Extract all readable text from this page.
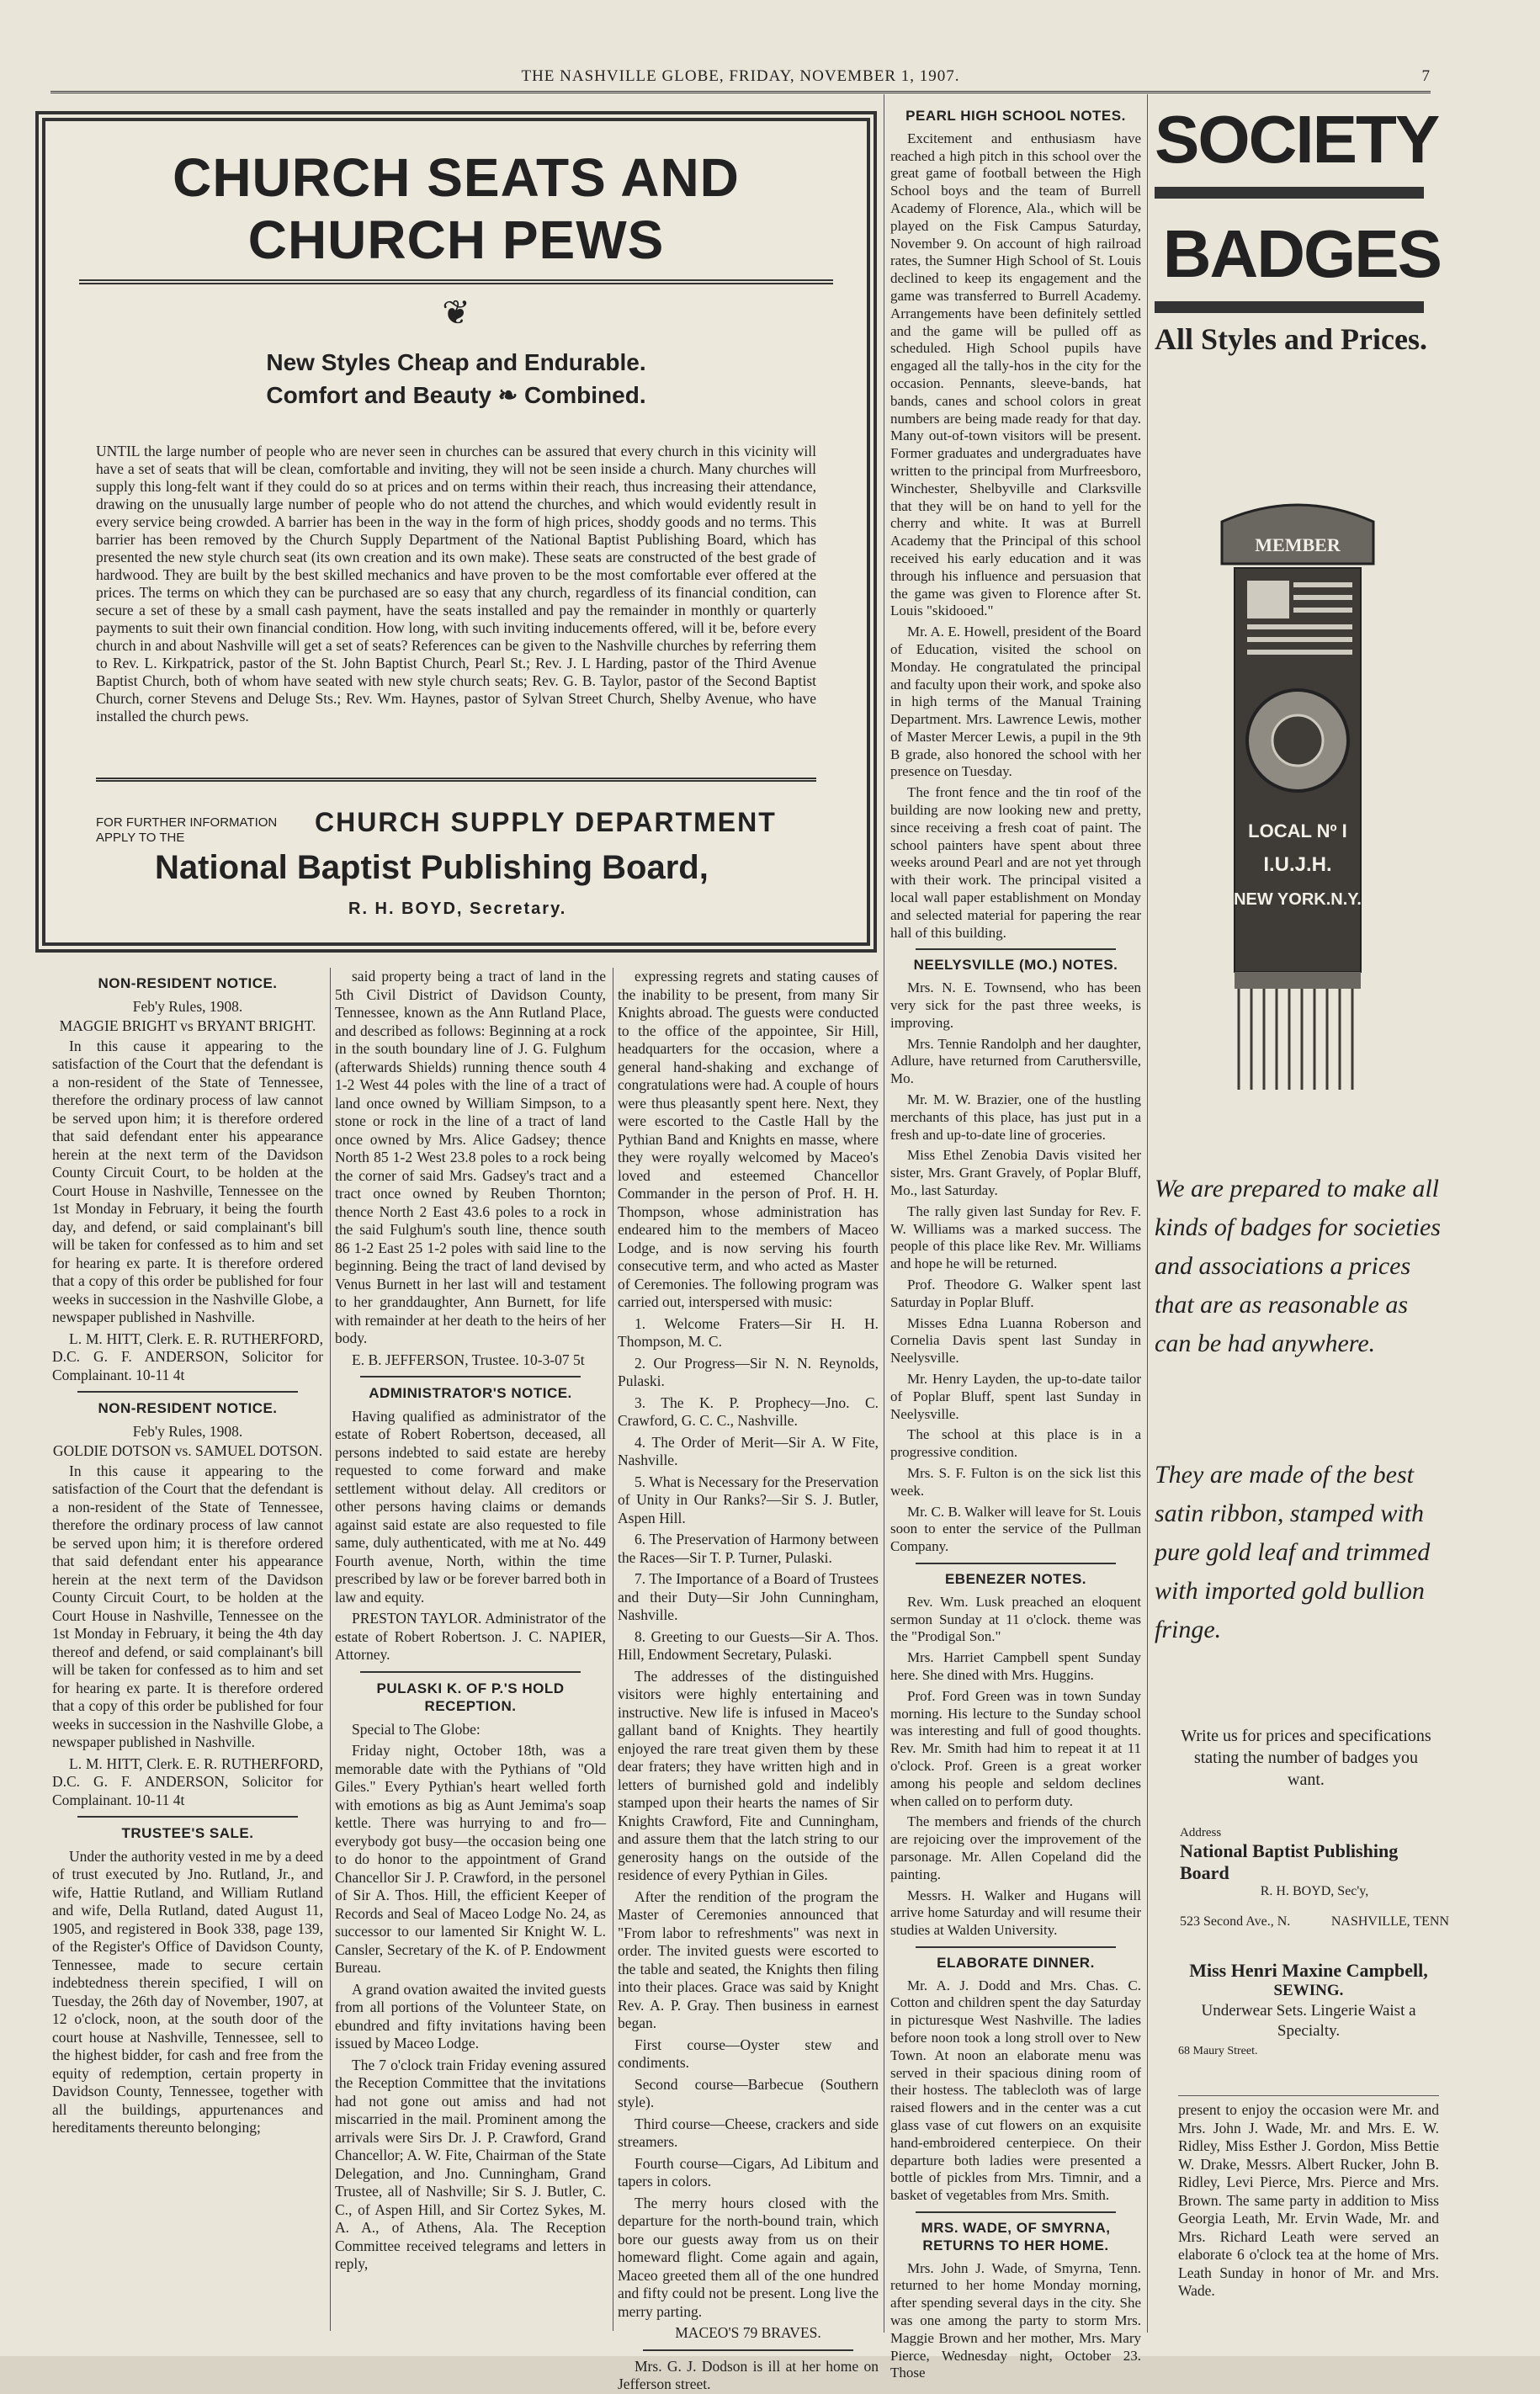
THE NASHVILLE GLOBE, FRIDAY, NOVEMBER 1, 1907.	7
CHURCH SEATS AND CHURCH PEWS
❦
New Styles Cheap and Endurable.
Comfort and Beauty ❧ Combined.
UNTIL the large number of people who are never seen in churches can be assured that every church in this vicinity will have a set of seats that will be clean, comfortable and inviting, they will not be seen inside a church. Many churches will supply this long-felt want if they could do so at prices and on terms within their reach, thus increasing their attendance, drawing on the unusually large number of people who do not attend the churches, and which would evidently result in every service being crowded. A barrier has been in the way in the form of high prices, shoddy goods and no terms. This barrier has been removed by the Church Supply Department of the National Baptist Publishing Board, which has presented the new style church seat (its own creation and its own make). These seats are constructed of the best grade of hardwood. They are built by the best skilled mechanics and have proven to be the most comfortable ever offered at the prices. The terms on which they can be purchased are so easy that any church, regardless of its financial condition, can secure a set of these by a small cash payment, have the seats installed and pay the remainder in monthly or quarterly payments to suit their own financial condition. How long, with such inviting inducements offered, will it be, before every church in and about Nashville will get a set of seats? References can be given to the Nashville churches by referring them to Rev. L. Kirkpatrick, pastor of the St. John Baptist Church, Pearl St.; Rev. J. L Harding, pastor of the Third Avenue Baptist Church, both of whom have seated with new style church seats; Rev. G. B. Taylor, pastor of the Second Baptist Church, corner Stevens and Deluge Sts.; Rev. Wm. Haynes, pastor of Sylvan Street Church, Shelby Avenue, who have installed the church pews.
FOR FURTHER INFORMATION APPLY TO THE
CHURCH SUPPLY DEPARTMENT
National Baptist Publishing Board,
R. H. BOYD, Secretary.
NON-RESIDENT NOTICE.

Feb'y Rules, 1908.

MAGGIE BRIGHT vs BRYANT BRIGHT.

In this cause it appearing to the satisfaction of the Court that the defendant is a non-resident of the State of Tennessee, therefore the ordinary process of law cannot be served upon him; it is therefore ordered that said defendant enter his appearance herein at the next term of the Davidson County Circuit Court, to be holden at the Court House in Nashville, Tennessee on the 1st Monday in February, it being the fourth day, and defend, or said complainant's bill will be taken for confessed as to him and set for hearing ex parte. It is therefore ordered that a copy of this order be published for four weeks in succession in the Nashville Globe, a newspaper published in Nashville.

L. M. HITT, Clerk. E. R. RUTHERFORD, D.C. G. F. ANDERSON, Solicitor for Complainant. 10-11 4t

NON-RESIDENT NOTICE.

Feb'y Rules, 1908.

GOLDIE DOTSON vs. SAMUEL DOTSON.

In this cause it appearing to the satisfaction of the Court that the defendant is a non-resident of the State of Tennessee, therefore the ordinary process of law cannot be served upon him; it is therefore ordered that said defendant enter his appearance herein at the next term of the Davidson County Circuit Court, to be holden at the Court House in Nashville, Tennessee on the 1st Monday in February, it being the 4th day thereof and defend, or said complainant's bill will be taken for confessed as to him and set for hearing ex parte. It is therefore ordered that a copy of this order be published for four weeks in succession in the Nashville Globe, a newspaper published in Nashville.

L. M. HITT, Clerk. E. R. RUTHERFORD, D.C. G. F. ANDERSON, Solicitor for Complainant. 10-11 4t

TRUSTEE'S SALE.

Under the authority vested in me by a deed of trust executed by Jno. Rutland, Jr., and wife, Hattie Rutland, and William Rutland and wife, Della Rutland, dated August 11, 1905, and registered in Book 338, page 139, of the Register's Office of Davidson County, Tennessee, made to secure certain indebtedness therein specified, I will on Tuesday, the 26th day of November, 1907, at 12 o'clock, noon, at the south door of the court house at Nashville, Tennessee, sell to the highest bidder, for cash and free from the equity of redemption, certain property in Davidson County, Tennessee, together with all the buildings, appurtenances and hereditaments thereunto belonging;

said property being a tract of land in the 5th Civil District of Davidson County, Tennessee, known as the Ann Rutland Place, and described as follows: Beginning at a rock in the south boundary line of J. G. Fulghum (afterwards Shields) running thence south 4 1-2 West 44 poles with the line of a tract of land once owned by William Simpson, to a stone or rock in the line of a tract of land once owned by Mrs. Alice Gadsey; thence North 85 1-2 West 23.8 poles to a rock being the corner of said Mrs. Gadsey's tract and a tract once owned by Reuben Thornton; thence North 2 East 43.6 poles to a rock in the said Fulghum's south line, thence south 86 1-2 East 25 1-2 poles with said line to the beginning. Being the tract of land devised by Venus Burnett in her last will and testament to her granddaughter, Ann Burnett, for life with remainder at her death to the heirs of her body.

E. B. JEFFERSON, Trustee. 10-3-07 5t

ADMINISTRATOR'S NOTICE.

Having qualified as administrator of the estate of Robert Robertson, deceased, all persons indebted to said estate are hereby requested to come forward and make settlement without delay. All creditors or other persons having claims or demands against said estate are also requested to file same, duly authenticated, with me at No. 449 Fourth avenue, North, within the time prescribed by law or be forever barred both in law and equity.

PRESTON TAYLOR. Administrator of the estate of Robert Robertson. J. C. NAPIER, Attorney.

PULASKI K. OF P.'S HOLD RECEPTION.

Special to The Globe:

Friday night, October 18th, was a memorable date with the Pythians of "Old Giles." Every Pythian's heart welled forth with emotions as big as Aunt Jemima's soap kettle. There was hurrying to and fro—everybody got busy—the occasion being one to do honor to the appointment of Grand Chancellor Sir J. P. Crawford, in the personel of Sir A. Thos. Hill, the efficient Keeper of Records and Seal of Maceo Lodge No. 24, as successor to our lamented Sir Knight W. L. Cansler, Secretary of the K. of P. Endowment Bureau.

A grand ovation awaited the invited guests from all portions of the Volunteer State, on ebundred and fifty invitations having been issued by Maceo Lodge.

The 7 o'clock train Friday evening assured the Reception Committee that the invitations had not gone out amiss and had not miscarried in the mail. Prominent among the arrivals were Sirs Dr. J. P. Crawford, Grand Chancellor; A. W. Fite, Chairman of the State Delegation, and Jno. Cunningham, Grand Trustee, all of Nashville; Sir S. J. Butler, C. C., of Aspen Hill, and Sir Cortez Sykes, M. A. A., of Athens, Ala. The Reception Committee received telegrams and letters in reply,

expressing regrets and stating causes of the inability to be present, from many Sir Knights abroad. The guests were conducted to the office of the appointee, Sir Hill, headquarters for the occasion, where a general hand-shaking and exchange of congratulations were had. A couple of hours were thus pleasantly spent here. Next, they were escorted to the Castle Hall by the Pythian Band and Knights en masse, where they were royally welcomed by Maceo's loved and esteemed Chancellor Commander in the person of Prof. H. H. Thompson, whose administration has endeared him to the members of Maceo Lodge, and is now serving his fourth consecutive term, and who acted as Master of Ceremonies. The following program was carried out, interspersed with music:

1. Welcome Fraters—Sir H. H. Thompson, M. C.

2. Our Progress—Sir N. N. Reynolds, Pulaski.

3. The K. P. Prophecy—Jno. C. Crawford, G. C. C., Nashville.

4. The Order of Merit—Sir A. W Fite, Nashville.

5. What is Necessary for the Preservation of Unity in Our Ranks?—Sir S. J. Butler, Aspen Hill.

6. The Preservation of Harmony between the Races—Sir T. P. Turner, Pulaski.

7. The Importance of a Board of Trustees and their Duty—Sir John Cunningham, Nashville.

8. Greeting to our Guests—Sir A. Thos. Hill, Endowment Secretary, Pulaski.

The addresses of the distinguished visitors were highly entertaining and instructive. New life is infused in Maceo's gallant band of Knights. They heartily enjoyed the rare treat given them by these dear fraters; they have written high and in letters of burnished gold and indelibly stamped upon their hearts the names of Sir Knights Crawford, Fite and Cunningham, and assure them that the latch string to our generosity hangs on the outside of the residence of every Pythian in Giles.

After the rendition of the program the Master of Ceremonies announced that "From labor to refreshments" was next in order. The invited guests were escorted to the table and seated, the Knights then filing into their places. Grace was said by Knight Rev. A. P. Gray. Then business in earnest began.

First course—Oyster stew and condiments.

Second course—Barbecue (Southern style).

Third course—Cheese, crackers and side streamers.

Fourth course—Cigars, Ad Libitum and tapers in colors.

The merry hours closed with the departure for the north-bound train, which bore our guests away from us on their homeward flight. Come again and again, Maceo greeted them all of the one hundred and fifty could not be present. Long live the merry parting.

MACEO'S 79 BRAVES.

Mrs. G. J. Dodson is ill at her home on Jefferson street.

PEARL HIGH SCHOOL NOTES.

Excitement and enthusiasm have reached a high pitch in this school over the great game of football between the High School boys and the team of Burrell Academy of Florence, Ala., which will be played on the Fisk Campus Saturday, November 9. On account of high railroad rates, the Sumner High School of St. Louis declined to keep its engagement and the game was transferred to Burrell Academy. Arrangements have been definitely settled and the game will be pulled off as scheduled. High School pupils have engaged all the tally-hos in the city for the occasion. Pennants, sleeve-bands, hat bands, canes and school colors in great numbers are being made ready for that day. Many out-of-town visitors will be present. Former graduates and undergraduates have written to the principal from Murfreesboro, Winchester, Shelbyville and Clarksville that they will be on hand to yell for the cherry and white. It was at Burrell Academy that the Principal of this school received his early education and it was through his influence and persuasion that the game was given to Florence after St. Louis "skidooed."

Mr. A. E. Howell, president of the Board of Education, visited the school on Monday. He congratulated the principal and faculty upon their work, and spoke also in high terms of the Manual Training Department. Mrs. Lawrence Lewis, mother of Master Mercer Lewis, a pupil in the 9th B grade, also honored the school with her presence on Tuesday.

The front fence and the tin roof of the building are now looking new and pretty, since receiving a fresh coat of paint. The school painters have spent about three weeks around Pearl and are not yet through with their work. The principal visited a local wall paper establishment on Monday and selected material for papering the rear hall of this building.

NEELYSVILLE (MO.) NOTES.

Mrs. N. E. Townsend, who has been very sick for the past three weeks, is improving.

Mrs. Tennie Randolph and her daughter, Adlure, have returned from Caruthersville, Mo.

Mr. M. W. Brazier, one of the hustling merchants of this place, has just put in a fresh and up-to-date line of groceries.

Miss Ethel Zenobia Davis visited her sister, Mrs. Grant Gravely, of Poplar Bluff, Mo., last Saturday.

The rally given last Sunday for Rev. F. W. Williams was a marked success. The people of this place like Rev. Mr. Williams and hope he will be returned.

Prof. Theodore G. Walker spent last Saturday in Poplar Bluff.

Misses Edna Luanna Roberson and Cornelia Davis spent last Sunday in Neelysville.

Mr. Henry Layden, the up-to-date tailor of Poplar Bluff, spent last Sunday in Neelysville.

The school at this place is in a progressive condition.

Mrs. S. F. Fulton is on the sick list this week.

Mr. C. B. Walker will leave for St. Louis soon to enter the service of the Pullman Company.

EBENEZER NOTES.

Rev. Wm. Lusk preached an eloquent sermon Sunday at 11 o'clock. theme was the "Prodigal Son."

Mrs. Harriet Campbell spent Sunday here. She dined with Mrs. Huggins.

Prof. Ford Green was in town Sunday morning. His lecture to the Sunday school was interesting and full of good thoughts. Rev. Mr. Smith had him to repeat it at 11 o'clock. Prof. Green is a great worker among his people and seldom declines when called on to perform duty.

The members and friends of the church are rejoicing over the improvement of the parsonage. Mr. Allen Copeland did the painting.

Messrs. H. Walker and Hugans will arrive home Saturday and will resume their studies at Walden University.

ELABORATE DINNER.

Mr. A. J. Dodd and Mrs. Chas. C. Cotton and children spent the day Saturday in picturesque West Nashville. The ladies before noon took a long stroll over to New Town. At noon an elaborate menu was served in their spacious dining room of their hostess. The tablecloth was of large raised flowers and in the center was a cut glass vase of cut flowers on an exquisite hand-embroidered centerpiece. On their departure both ladies were presented a bottle of pickles from Mrs. Timnir, and a basket of vegetables from Mrs. Smith.

MRS. WADE, OF SMYRNA, RETURNS TO HER HOME.

Mrs. John J. Wade, of Smyrna, Tenn. returned to her home Monday morning, after spending several days in the city. She was one among the party to storm Mrs. Maggie Brown and her mother, Mrs. Mary Pierce, Wednesday night, October 23. Those

SOCIETY
BADGES
All Styles and Prices.
MEMBER
LOCAL Nº I
I.U.J.H.
NEW YORK.N.Y.
We are prepared to make all kinds of badges for societies and associations a prices that are as reasonable as can be had anywhere.
They are made of the best satin ribbon, stamped with pure gold leaf and trimmed with imported gold bullion fringe.
Write us for prices and specifications stating the number of badges you want.
Address
National Baptist Publishing Board
R. H. BOYD, Sec'y,
523 Second Ave., N.	NASHVILLE, TENN
Miss Henri Maxine Campbell,
SEWING.
Underwear Sets. Lingerie Waist a Specialty.
68 Maury Street.

present to enjoy the occasion were Mr. and Mrs. John J. Wade, Mr. and Mrs. E. W. Ridley, Miss Esther J. Gordon, Miss Bettie W. Drake, Messrs. Albert Rucker, John B. Ridley, Levi Pierce, Mrs. Pierce and Mrs. Brown. The same party in addition to Miss Georgia Leath, Mr. Ervin Wade, Mr. and Mrs. Richard Leath were served an elaborate 6 o'clock tea at the home of Mrs. Leath Sunday in honor of Mr. and Mrs. Wade.
